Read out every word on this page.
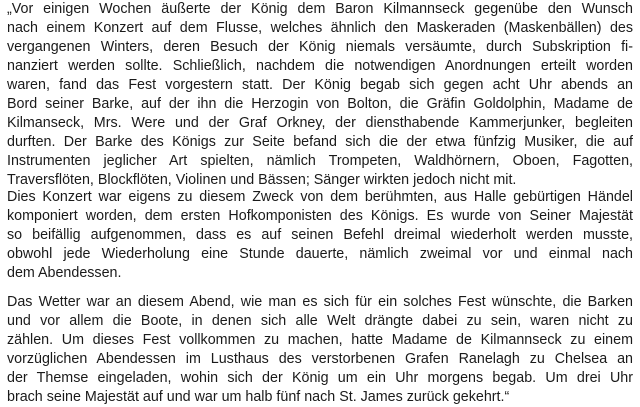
„Vor einigen Wochen äußerte der König dem Baron Kilmannseck gegenübe den Wunsch
nach einem Konzert auf dem Flusse, welches ähnlich den Maskeraden (Maskenbällen) des
vergangenen Winters, deren Besuch der König niemals versäumte, durch Subskription fi-
nanziert werden sollte. Schließlich, nachdem die notwendigen Anordnungen erteilt worden
waren, fand das Fest vorgestern statt. Der König begab sich gegen acht Uhr abends an
Bord seiner Barke, auf der ihn die Herzogin von Bolton, die Gräfin Goldolphin, Madame de
Kilmanseck, Mrs. Were und der Graf Orkney, der diensthabende Kammerjunker, begleiten
durften. Der Barke des Königs zur Seite befand sich die der etwa fünfzig Musiker, die auf
Instrumenten jeglicher Art spielten, nämlich Trompeten, Waldhörnern, Oboen, Fagotten,
Traversflöten, Blockflöten, Violinen und Bässen; Sänger wirkten jedoch nicht mit.
Dies Konzert war eigens zu diesem Zweck von dem berühmten, aus Halle gebürtigen Händel
komponiert worden, dem ersten Hofkomponisten des Königs. Es wurde von Seiner Majestät
so beifällig aufgenommen, dass es auf seinen Befehl dreimal wiederholt werden musste,
obwohl jede Wiederholung eine Stunde dauerte, nämlich zweimal vor und einmal nach
dem Abendessen.
Das Wetter war an diesem Abend, wie man es sich für ein solches Fest wünschte, die Barken
und vor allem die Boote, in denen sich alle Welt drängte dabei zu sein, waren nicht zu
zählen. Um dieses Fest vollkommen zu machen, hatte Madame de Kilmannseck zu einem
vorzüglichen Abendessen im Lusthaus des verstorbenen Grafen Ranelagh zu Chelsea an
der Themse eingeladen, wohin sich der König um ein Uhr morgens begab. Um drei Uhr
brach seine Majestät auf und war um halb fünf nach St. James zurück gekehrt.“
